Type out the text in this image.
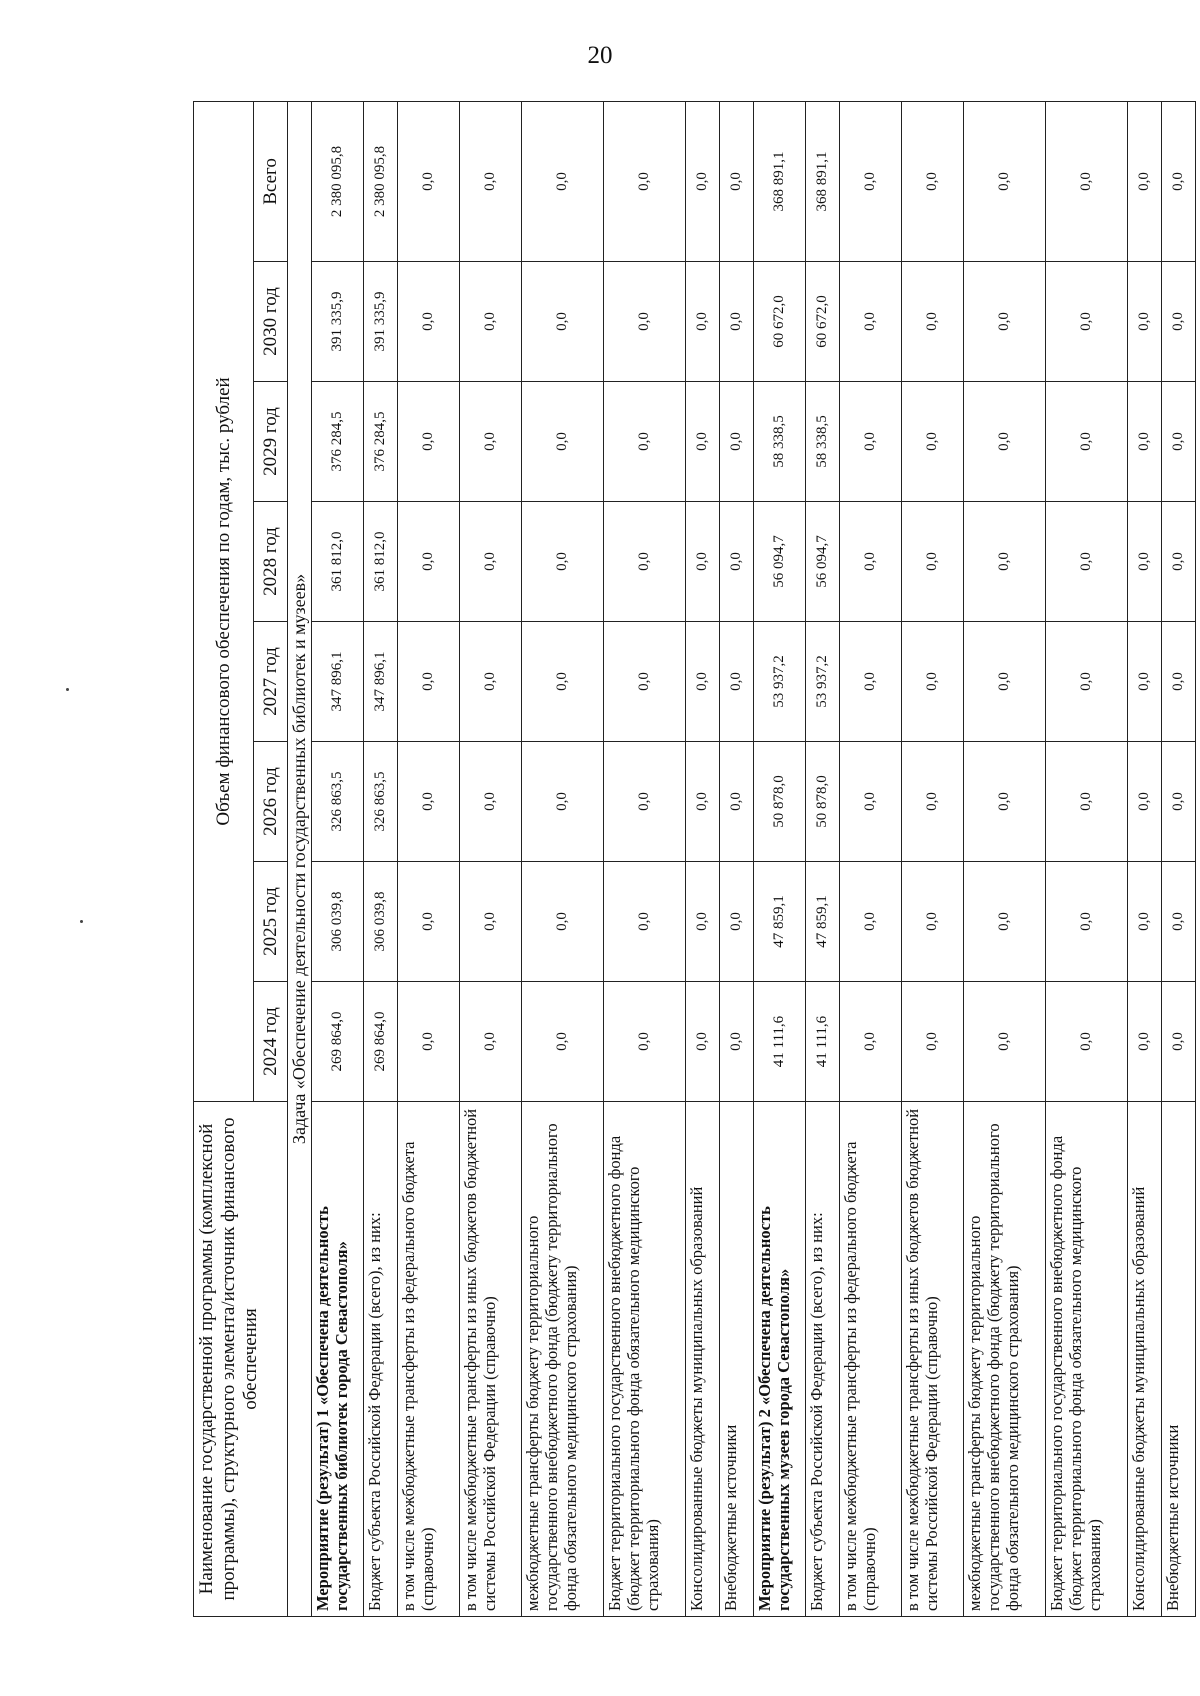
20
Наименование государственной программы (комплексной программы), структурного элемента/источник финансового обеспечения	Объем финансового обеспечения по годам, тыс. рублей							
	2024 год	2025 год	2026 год	2027 год	2028 год	2029 год	2030 год	Всего
Задача «Обеспечение деятельности государственных библиотек и музеев»								
Мероприятие (результат) 1 «Обеспечена деятельность государственных библиотек города Севастополя»	269 864,0	306 039,8	326 863,5	347 896,1	361 812,0	376 284,5	391 335,9	2 380 095,8
Бюджет субъекта Российской Федерации (всего), из них:	269 864,0	306 039,8	326 863,5	347 896,1	361 812,0	376 284,5	391 335,9	2 380 095,8
в том числе межбюджетные трансферты из федерального бюджета (справочно)	0,0	0,0	0,0	0,0	0,0	0,0	0,0	0,0
в том числе межбюджетные трансферты из иных бюджетов бюджетной системы Российской Федерации (справочно)	0,0	0,0	0,0	0,0	0,0	0,0	0,0	0,0
межбюджетные трансферты бюджету территориального государственного внебюджетного фонда (бюджету территориального фонда обязательного медицинского страхования)	0,0	0,0	0,0	0,0	0,0	0,0	0,0	0,0
Бюджет территориального государственного внебюджетного фонда (бюджет территориального фонда обязательного медицинского страхования)	0,0	0,0	0,0	0,0	0,0	0,0	0,0	0,0
Консолидированные бюджеты муниципальных образований	0,0	0,0	0,0	0,0	0,0	0,0	0,0	0,0
Внебюджетные источники	0,0	0,0	0,0	0,0	0,0	0,0	0,0	0,0
Мероприятие (результат) 2 «Обеспечена деятельность государственных музеев города Севастополя»	41 111,6	47 859,1	50 878,0	53 937,2	56 094,7	58 338,5	60 672,0	368 891,1
Бюджет субъекта Российской Федерации (всего), из них:	41 111,6	47 859,1	50 878,0	53 937,2	56 094,7	58 338,5	60 672,0	368 891,1
в том числе межбюджетные трансферты из федерального бюджета (справочно)	0,0	0,0	0,0	0,0	0,0	0,0	0,0	0,0
в том числе межбюджетные трансферты из иных бюджетов бюджетной системы Российской Федерации (справочно)	0,0	0,0	0,0	0,0	0,0	0,0	0,0	0,0
межбюджетные трансферты бюджету территориального государственного внебюджетного фонда (бюджету территориального фонда обязательного медицинского страхования)	0,0	0,0	0,0	0,0	0,0	0,0	0,0	0,0
Бюджет территориального государственного внебюджетного фонда (бюджет территориального фонда обязательного медицинского страхования)	0,0	0,0	0,0	0,0	0,0	0,0	0,0	0,0
Консолидированные бюджеты муниципальных образований	0,0	0,0	0,0	0,0	0,0	0,0	0,0	0,0
Внебюджетные источники	0,0	0,0	0,0	0,0	0,0	0,0	0,0	0,0
